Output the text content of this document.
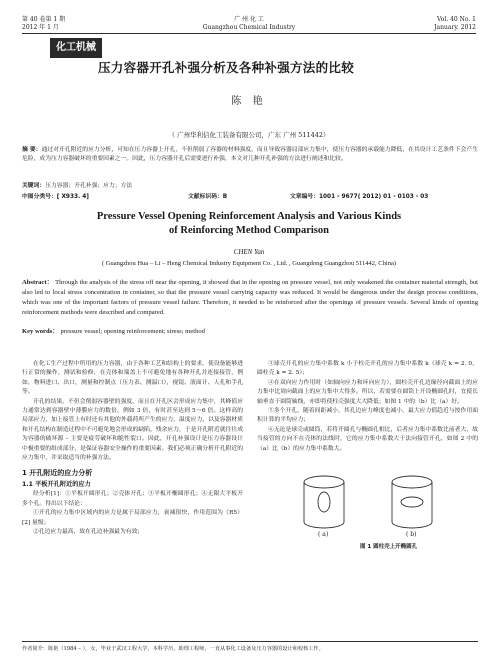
第 40 卷第 1 期
2012 年 1 月
广 州 化 工
Guangzhou Chemical Industry
Vol. 40 No. 1
January. 2012
化工机械
压力容器开孔补强分析及各种补强方法的比较
陈 艳
（ 广州华利信化工装备有限公司，广东 广州 511442）
摘 要：通过对开孔附近的应力分析，可知在压力容器上开孔，不但削弱了容器的材料强度，而且导致容器局部应力集中，使压力容器的承载能力降低，在其设计工艺条件下会产生危险，成为压力容器破坏的重要因素之一。因此，压力容器开孔后需要进行补强，本文对几种开孔补强的方法进行阐述和比较。
关键词：压力容器；开孔补强；应力；方法
中图分类号：[ X933. 4]	文献标识码：B	文章编号：1001 - 9677( 2012) 01 - 0103 - 03
Pressure Vessel Opening Reinforcement Analysis and Various Kinds
of Reinforcing Method Comparison
CHEN Yan
( Guangzhou Hua – Li – Heng Chemical Industry Equipment Co. , Ltd. , Guangdong Guangzhou 511442, China)
Abstract： Through the analysis of the stress off near the opening, it showed that in the opening on pressure vessel, not only weakened the container material strength, but also led to local stress concentration in container, so that the pressure vessel carrying capacity was reduced. It would be dangerous under the design process conditions, which was one of the important factors of pressure vessel failure. Therefore, it needed to be reinforced after the openings of pressure vessels. Several kinds of opening reinforcement methods were described and compared.
Key words： pressure vessel; opening reinforcement; stress; method

在化工生产过程中所用的压力容器，由于各种工艺和结构上的要求，使设备能够进行正常的操作，测试和检修，在壳体和端盖上不可避免地有各种开孔并连接接管，例如，物料进口、出口，测量和控制点（压力表、测温口），视镜、液面计、人孔和手孔等。

开孔的结果，不但会削弱容器壁的强度，而且在开孔区会形成应力集中，其峰值应力通常达到容器壁中薄膜应力的数倍，例如 3 倍，有时甚至达到 5～6 倍。这样高的局部应力，加上接管上有时还有其他的外载荷所产生的应力，温度应力，以及容器材质和开孔结构在制造过程中不可避免地会形成的缺陷，残余应力，于是开孔附近就往往成为容器的破坏源 – 主要是疲劳破坏和脆性裂口。因此，开孔补强设计是压力容器设计中极重要的组成部分，是保证容器安全操作的重要因素。我们必须正确分析开孔附近的应力集中，并采取适当的补强方法。

1 开孔附近的应力分析
1.1 平板开孔附近的应力

经分析[1]：①平板开圆形孔；②壳体开孔；③平板开椭圆形孔；④无限大平板开多个孔。得出以下结论：

①开孔的应力集中区域内的应力是属于局部应力，衰减很快，作用范围为（R5）[2] 量级；

②孔边应力最高，故在孔边补强最为有效；

③球壳开孔的应力集中系数 k 小于柱壳开孔的应力集中系数 k（球壳 k = 2. 0，圆柱壳 k = 2. 5）；

④在双向应力作用时（如轴向应力和环向应力），圆柱壳开孔边缘径向截面上的应力集中比周向截面上的应力集中大得多。所以，若需要在圆筒上开设椭圆孔时，宜使长轴垂直于圆筒轴线，亦即将使柱壳强度大大降低；如图 1 中的（b）比（a）好。

⑤多个开孔，随着间距减小，其孔边应力峰度也减小，最大应力值趋近与按作用面积计算的平均应力；

⑥无论是球壳或圆筒，若将开圆孔与椭圆孔相比，后者应力集中系数比前者大，故当接管的方向不在壳体的法线时，它的应力集中系数大于法向接管开孔，如图 2 中的（a）比（b）的应力集中系数大。

( a)	( b)
图 1 圆柱壳上开椭圆孔
作者简介：陈艳（1984 – ），女，毕业于武汉工程大学，本科学历，助理工程师，一直从事化工设备及压力容器的设计和校核工作。
